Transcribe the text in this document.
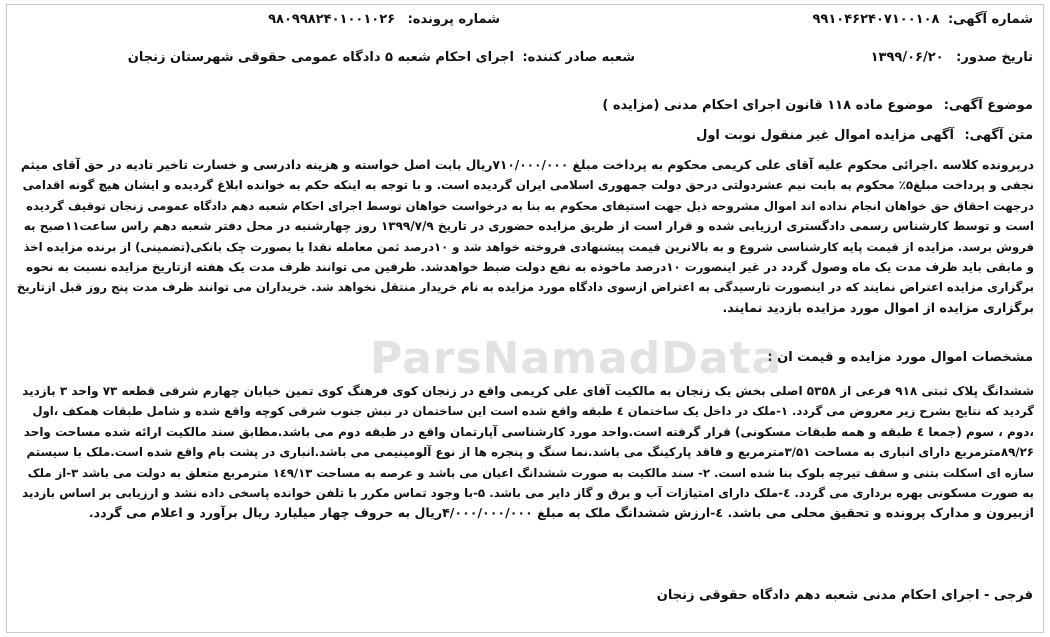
شماره آگهی: ۹۹۱۰۴۶۲۴۰۷۱۰۰۱۰۸
شماره پرونده: ۹۸۰۹۹۸۲۴۰۱۰۰۱۰۲۶
تاریخ صدور: ۱۳۹۹/۰۶/۲۰
شعبه صادر کننده: اجرای احکام شعبه ۵ دادگاه عمومی حقوقی شهرستان زنجان
موضوع آگهی: موضوع ماده ۱۱۸ قانون اجرای احکام مدنی (مزایده )
متن آگهی: آگهی مزایده اموال غیر منقول نوبت اول
درپرونده کلاسه .اجرائی محکوم علیه آقای علی کریمی محکوم به پرداخت مبلغ ۷۱۰/۰۰۰/۰۰۰ریال بابت اصل خواسته و هزینه دادرسی و خسارت تاخیر تادیه در حق آقای میثم
نجفی و پرداخت مبلغ۵٪ محکوم به بابت نیم عشردولتی درحق دولت جمهوری اسلامی ایران گردیده است. و با توجه به اینکه حکم به خوانده ابلاغ گردیده و ایشان هیچ گونه اقدامی
درجهت احقاق حق خواهان انجام نداده اند اموال مشروحه ذیل جهت استیفای محکوم به بنا به درخواست خواهان توسط اجرای احکام شعبه دهم دادگاه عمومی زنجان توقیف گردیده
است و توسط کارشناس رسمی دادگستری ارزیابی شده و قرار است از طریق مزایده حضوری در تاریخ ۱۳۹۹/۷/۹ روز چهارشنبه در محل دفتر شعبه دهم راس ساعت۱۱صبح به
فروش برسد. مزایده از قیمت پایه کارشناسی شروع و به بالاترین قیمت پیشنهادی فروخته خواهد شد و ۱۰درصد ثمن معامله نقدا یا بصورت چک بانکی(تضمینی) از برنده مزایده اخذ
و مابقی باید ظرف مدت یک ماه وصول گردد در غیر اینصورت ۱۰درصد ماخوذه به نفع دولت ضبط خواهدشد. طرفین می توانند ظرف مدت یک هفته ازتاریخ مزایده نسبت به نحوه
برگزاری مزایده اعتراض نمایند که در اینصورت تارسیدگی به اعتراض ازسوی دادگاه مورد مزایده به نام خریدار منتقل نخواهد شد. خریداران می توانند ظرف مدت پنج روز قبل ازتاریخ
برگزاری مزایده از اموال مورد مزایده بازدید نمایند.
مشخصات اموال مورد مزایده و قیمت ان :
ششدانگ پلاک ثبتی ۹۱۸ فرعی از ۵۳۵۸ اصلی بخش یک زنجان به مالکیت آقای علی کریمی واقع در زنجان کوی فرهنگ کوی تمین خیابان چهارم شرقی قطعه ۷۳ واحد ۳ بازدید
گردید که نتایج بشرح زیر معروض می گردد. ۱-ملک در داخل یک ساختمان ٤ طبقه واقع شده است این ساختمان در نبش جنوب شرقی کوچه واقع شده و شامل طبقات همکف ،اول
،دوم ، سوم (جمعا ٤ طبقه و همه طبقات مسکونی) قرار گرفته است.واحد مورد کارشناسی آپارتمان واقع در طبقه دوم می باشد.مطابق سند مالکیت ارائه شده مساحت واحد
۸۹/۲۶مترمربع دارای انباری به مساحت ۳/۵۱مترمربع و فاقد پارکینگ می باشد.نما سنگ و پنجره ها از نوع آلومینیمی می باشد.انباری در پشت بام واقع شده است.ملک با سیستم
سازه ای اسکلت بتنی و سقف تیرچه بلوک بنا شده است. ۲- سند مالکیت به صورت ششدانگ اعیان می باشد و عرصه به مساحت ۱٤۹/۱۳ مترمربع متعلق به دولت می باشد ۳-از ملک
به صورت مسکونی بهره برداری می گردد. ٤-ملک دارای امتیازات آب و برق و گاز دایر می باشد. ۵-با وجود تماس مکرر با تلفن خوانده پاسخی داده نشد و ارزیابی بر اساس بازدید
ازبیرون و مدارک پرونده و تحقیق محلی می باشد. ٤-ارزش ششدانگ ملک به مبلغ ۴/۰۰۰/۰۰۰/۰۰۰ریال به حروف چهار میلیارد ریال برآورد و اعلام می گردد.
فرجی - اجرای احکام مدنی شعبه دهم دادگاه حقوقی زنجان
ParsNamadData
